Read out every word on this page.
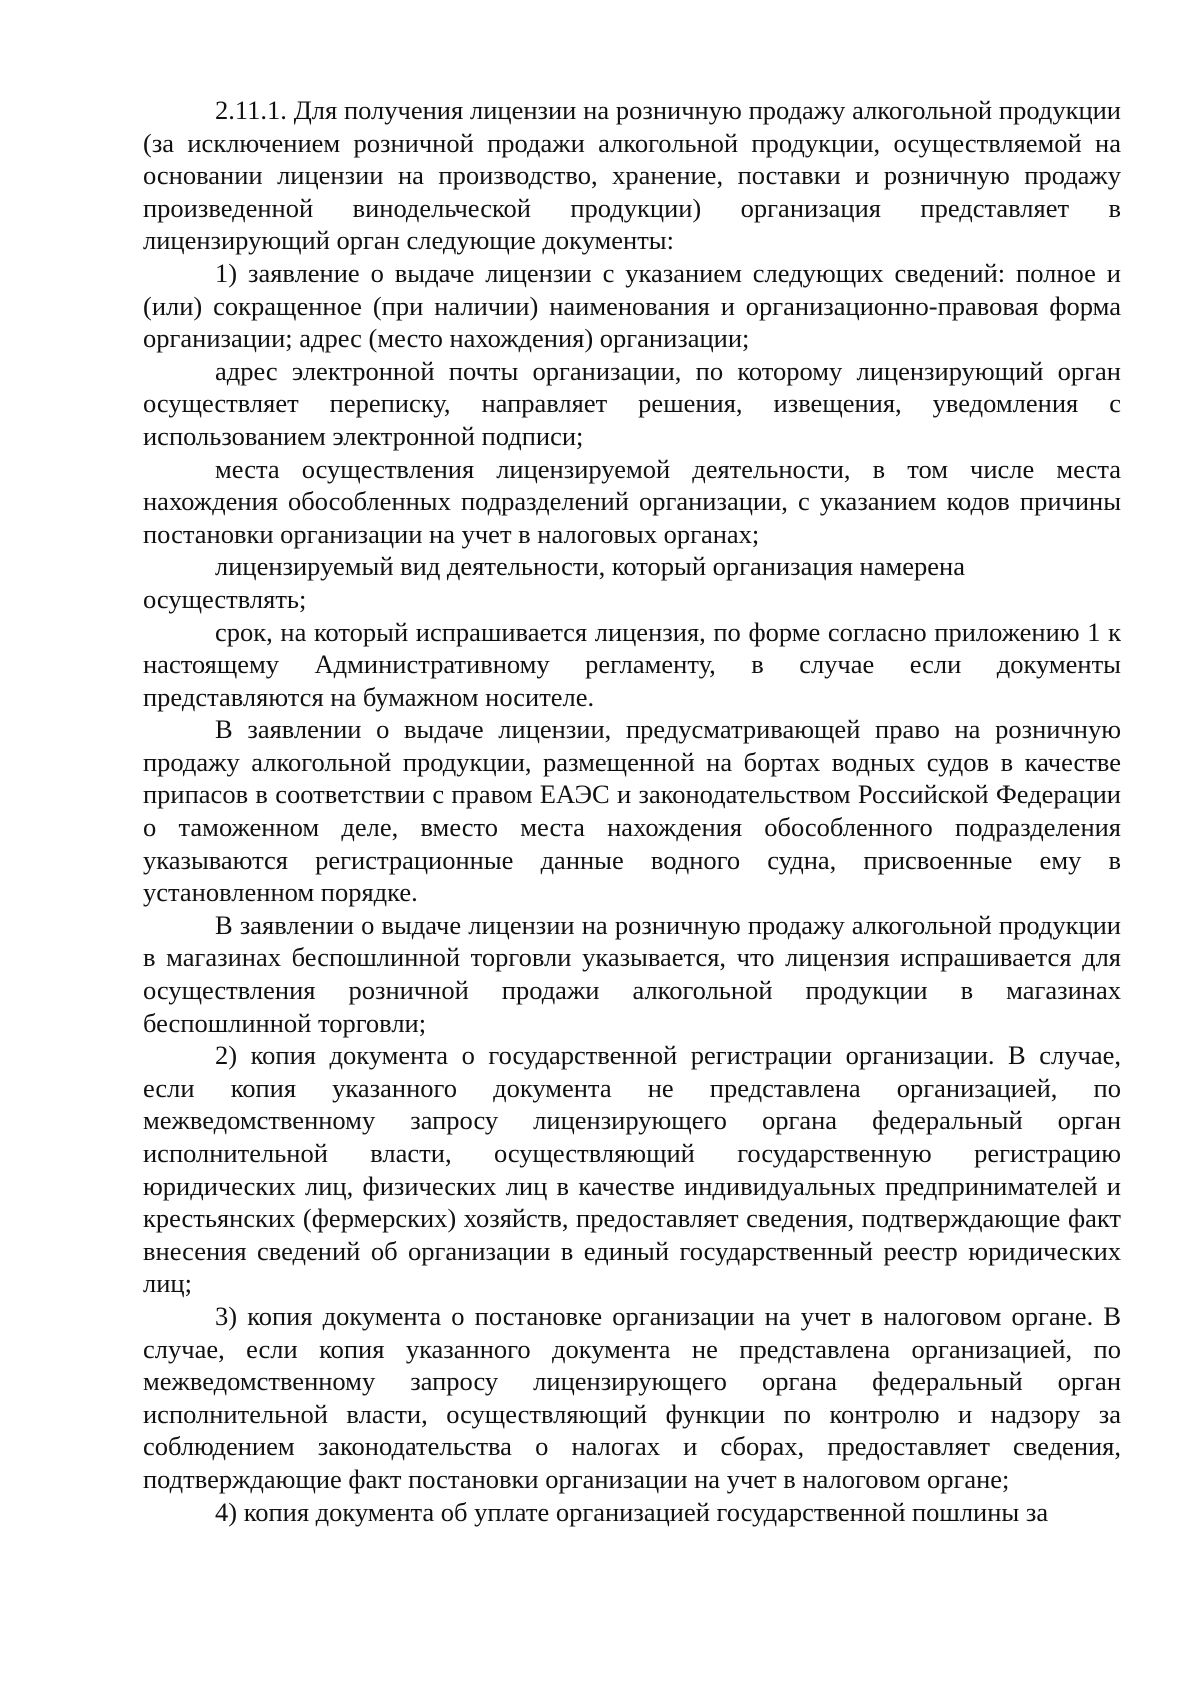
2.11.1. Для получения лицензии на розничную продажу алкогольной продукции (за исключением розничной продажи алкогольной продукции, осуществляемой на основании лицензии на производство, хранение, поставки и розничную продажу произведенной винодельческой продукции) организация представляет в лицензирующий орган следующие документы:

1) заявление о выдаче лицензии с указанием следующих сведений: полное и (или) сокращенное (при наличии) наименования и организационно-правовая форма организации; адрес (место нахождения) организации;

адрес электронной почты организации, по которому лицензирующий орган осуществляет переписку, направляет решения, извещения, уведомления с использованием электронной подписи;

места осуществления лицензируемой деятельности, в том числе места нахождения обособленных подразделений организации, с указанием кодов причины постановки организации на учет в налоговых органах;

лицензируемый вид деятельности, который организация намерена осуществлять;

срок, на который испрашивается лицензия, по форме согласно приложению 1 к настоящему Административному регламенту, в случае если документы представляются на бумажном носителе.

В заявлении о выдаче лицензии, предусматривающей право на розничную продажу алкогольной продукции, размещенной на бортах водных судов в качестве припасов в соответствии с правом ЕАЭС и законодательством Российской Федерации о таможенном деле, вместо места нахождения обособленного подразделения указываются регистрационные данные водного судна, присвоенные ему в установленном порядке.

В заявлении о выдаче лицензии на розничную продажу алкогольной продукции в магазинах беспошлинной торговли указывается, что лицензия испрашивается для осуществления розничной продажи алкогольной продукции в магазинах беспошлинной торговли;

2) копия документа о государственной регистрации организации. В случае, если копия указанного документа не представлена организацией, по межведомственному запросу лицензирующего органа федеральный орган исполнительной власти, осуществляющий государственную регистрацию юридических лиц, физических лиц в качестве индивидуальных предпринимателей и крестьянских (фермерских) хозяйств, предоставляет сведения, подтверждающие факт внесения сведений об организации в единый государственный реестр юридических лиц;

3) копия документа о постановке организации на учет в налоговом органе. В случае, если копия указанного документа не представлена организацией, по межведомственному запросу лицензирующего органа федеральный орган исполнительной власти, осуществляющий функции по контролю и надзору за соблюдением законодательства о налогах и сборах, предоставляет сведения, подтверждающие факт постановки организации на учет в налоговом органе;

4) копия документа об уплате организацией государственной пошлины за
